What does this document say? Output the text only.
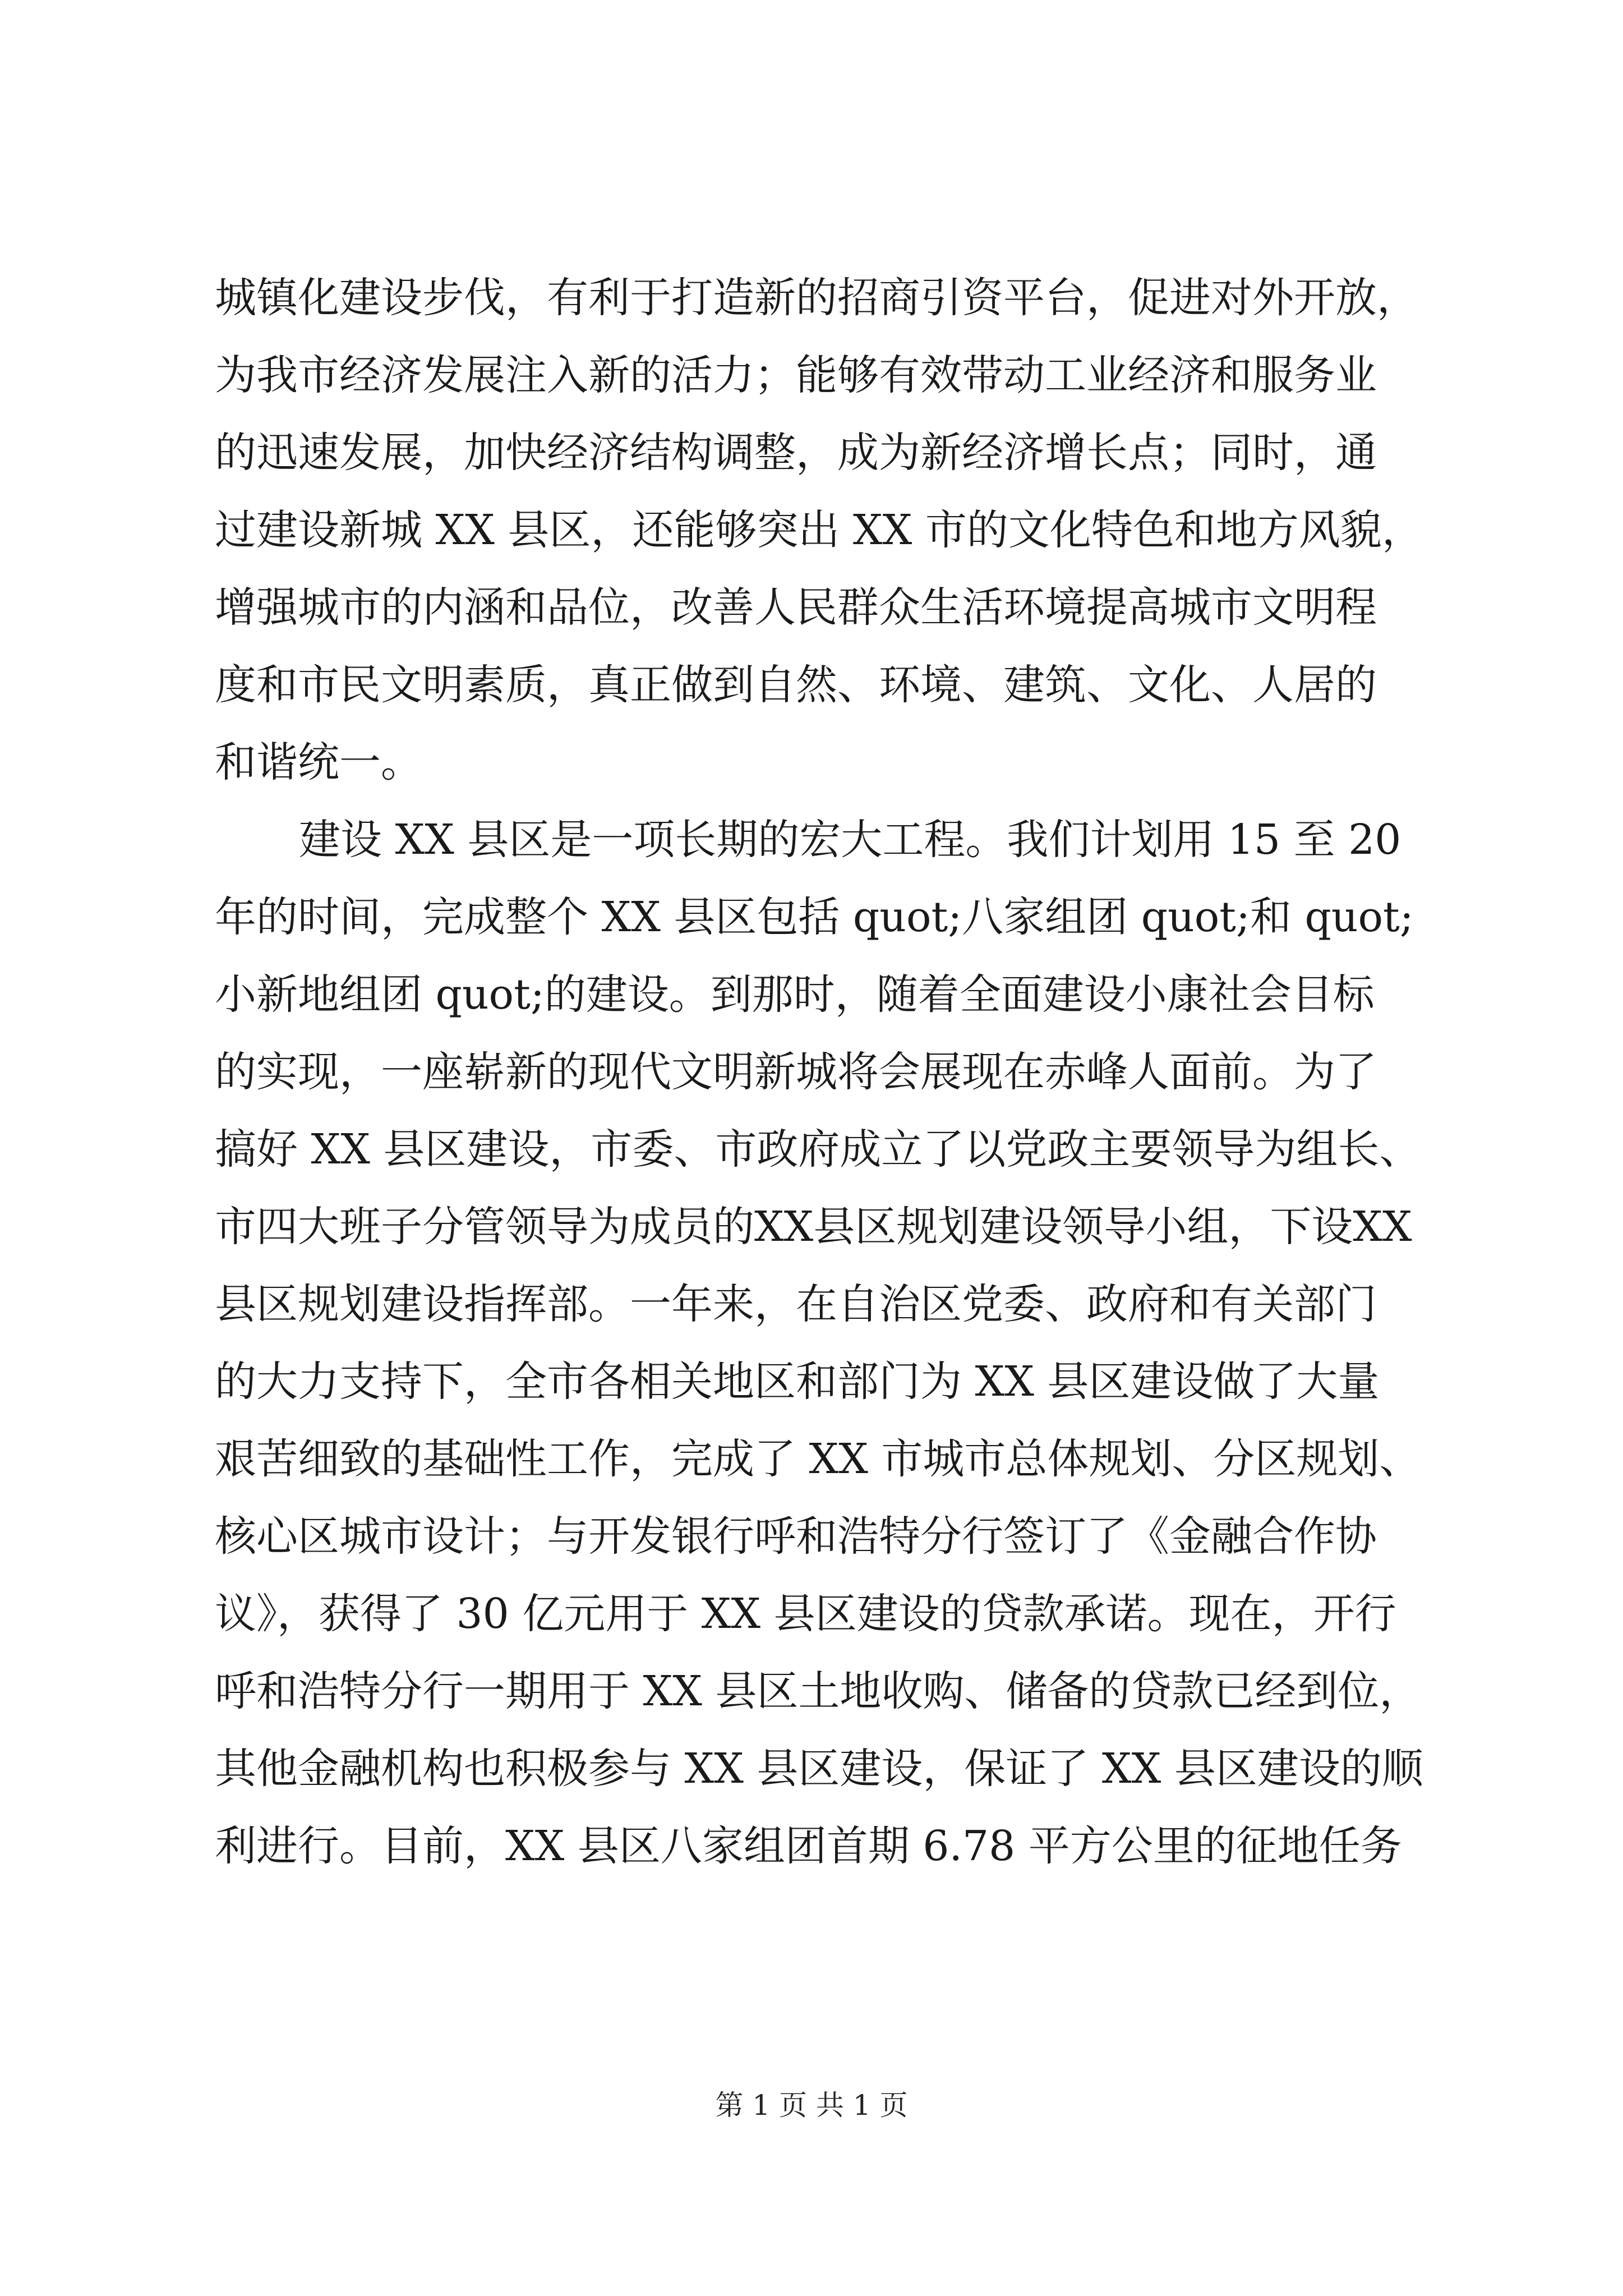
城镇化建设步伐，有利于打造新的招商引资平台，促进对外开放，
为我市经济发展注入新的活力；能够有效带动工业经济和服务业
的迅速发展，加快经济结构调整，成为新经济增长点；同时，通
过建设新城 XX 县区，还能够突出 XX 市的文化特色和地方风貌，
增强城市的内涵和品位，改善人民群众生活环境提高城市文明程
度和市民文明素质，真正做到自然、环境、建筑、文化、人居的
和谐统一。
建设 XX 县区是一项长期的宏大工程。我们计划用 15 至 20
年的时间，完成整个 XX 县区包括 quot;八家组团 quot;和 quot;
小新地组团 quot;的建设。到那时，随着全面建设小康社会目标
的实现，一座崭新的现代文明新城将会展现在赤峰人面前。为了
搞好 XX 县区建设，市委、市政府成立了以党政主要领导为组长、
市四大班子分管领导为成员的XX县区规划建设领导小组，下设XX
县区规划建设指挥部。一年来，在自治区党委、政府和有关部门
的大力支持下，全市各相关地区和部门为 XX 县区建设做了大量
艰苦细致的基础性工作，完成了 XX 市城市总体规划、分区规划、
核心区城市设计；与开发银行呼和浩特分行签订了《金融合作协
议》，获得了 30 亿元用于 XX 县区建设的贷款承诺。现在，开行
呼和浩特分行一期用于 XX 县区土地收购、储备的贷款已经到位，
其他金融机构也积极参与 XX 县区建设，保证了 XX 县区建设的顺
利进行。目前，XX 县区八家组团首期 6.78 平方公里的征地任务
第 1 页 共 1 页
